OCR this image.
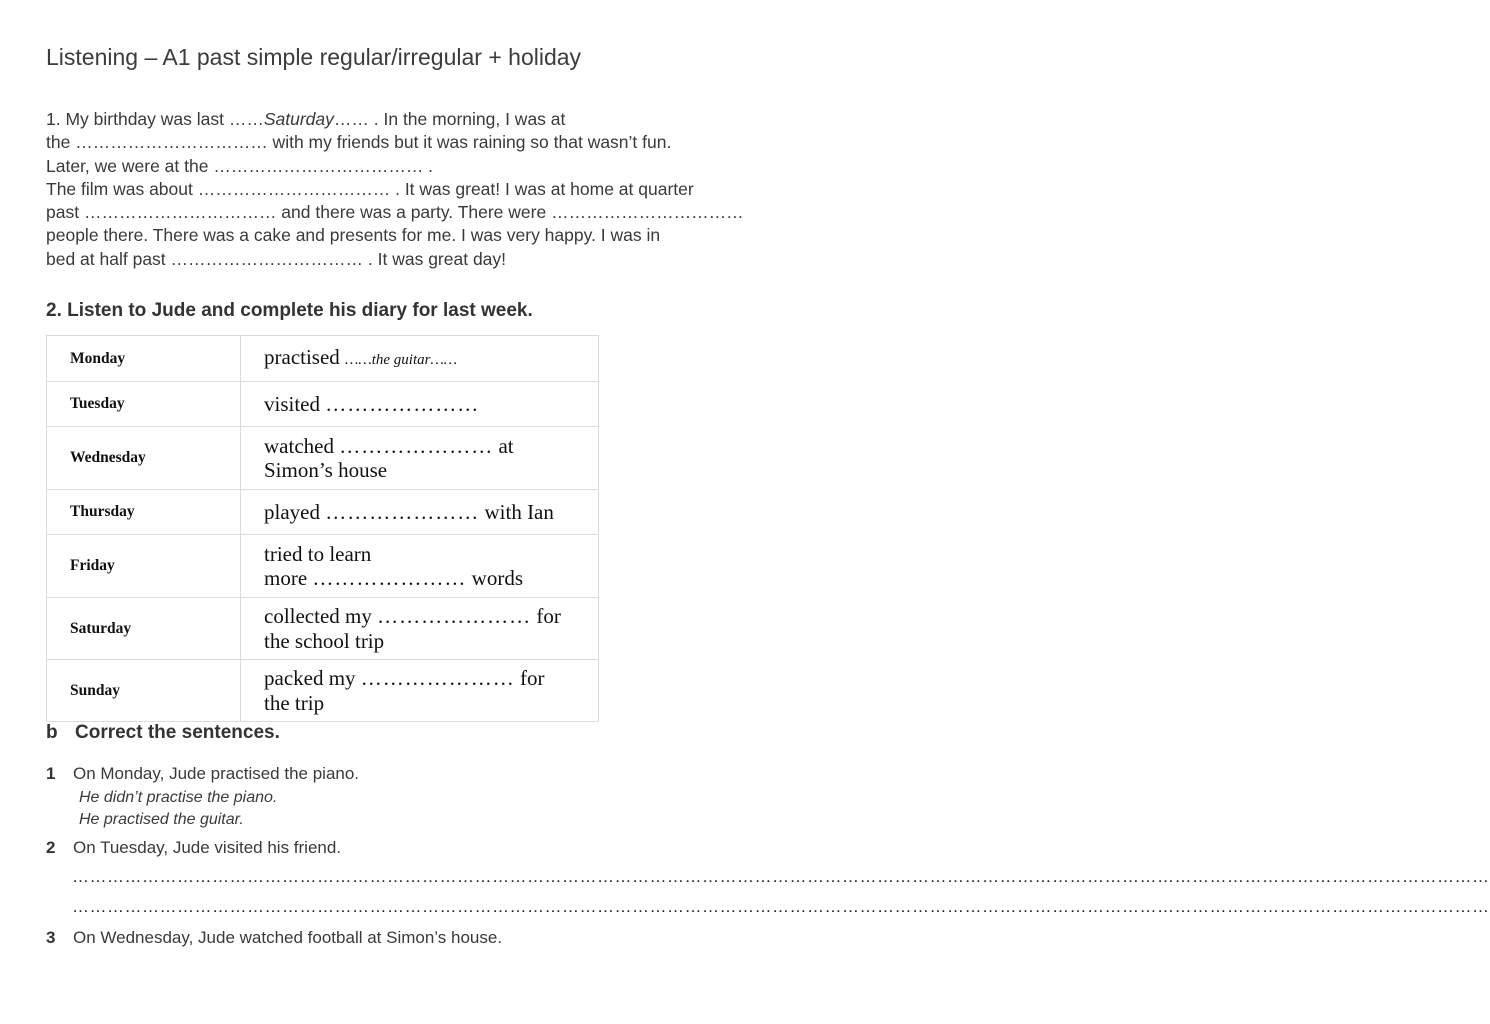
Listening – A1 past simple regular/irregular + holiday
1. My birthday was last ……Saturday…… . In the morning, I was at
the …………………………… with my friends but it was raining so that wasn’t fun.
Later, we were at the ……………………………… .
The film was about …………………………… . It was great! I was at home at quarter
past …………………………… and there was a party. There were ……………………………
people there. There was a cake and presents for me. I was very happy. I was in
bed at half past …………………………… . It was great day!
2. Listen to Jude and complete his diary for last week.
Monday	practised ……the guitar……
Tuesday	visited …………………
Wednesday	watched ………………… at
Simon’s house
Thursday	played ………………… with Ian
Friday	tried to learn
more ………………… words
Saturday	collected my ………………… for
the school trip
Sunday	packed my ………………… for
the trip
b Correct the sentences.
1 On Monday, Jude practised the piano.
He didn’t practise the piano.
He practised the guitar.
2 On Tuesday, Jude visited his friend.
………………………………………………………………………………………………………………………………………………………………………………………………………………………
………………………………………………………………………………………………………………………………………………………………………………………………………………………
3 On Wednesday, Jude watched football at Simon’s house.
